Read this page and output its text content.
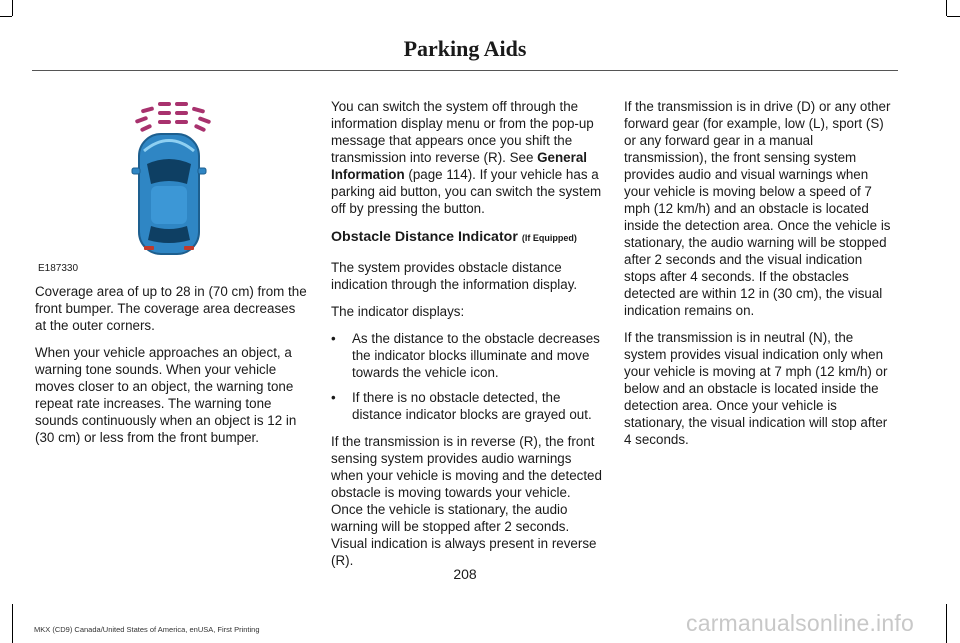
Parking Aids
E187330

Coverage area of up to 28 in (70 cm) from the front bumper. The coverage area decreases at the outer corners.

When your vehicle approaches an object, a warning tone sounds. When your vehicle moves closer to an object, the warning tone repeat rate increases. The warning tone sounds continuously when an object is 12 in (30 cm) or less from the front bumper.

You can switch the system off through the information display menu or from the pop-up message that appears once you shift the transmission into reverse (R). See General Information (page 114). If your vehicle has a parking aid button, you can switch the system off by pressing the button.

Obstacle Distance Indicator (If Equipped)

The system provides obstacle distance indication through the information display.

The indicator displays:

• As the distance to the obstacle decreases the indicator blocks illuminate and move towards the vehicle icon.
• If there is no obstacle detected, the distance indicator blocks are grayed out.

If the transmission is in reverse (R), the front sensing system provides audio warnings when your vehicle is moving and the detected obstacle is moving towards your vehicle. Once the vehicle is stationary, the audio warning will be stopped after 2 seconds. Visual indication is always present in reverse (R).

If the transmission is in drive (D) or any other forward gear (for example, low (L), sport (S) or any forward gear in a manual transmission), the front sensing system provides audio and visual warnings when your vehicle is moving below a speed of 7 mph (12 km/h) and an obstacle is located inside the detection area. Once the vehicle is stationary, the audio warning will be stopped after 2 seconds and the visual indication stops after 4 seconds. If the obstacles detected are within 12 in (30 cm), the visual indication remains on.

If the transmission is in neutral (N), the system provides visual indication only when your vehicle is moving at 7 mph (12 km/h) or below and an obstacle is located inside the detection area. Once your vehicle is stationary, the visual indication will stop after 4 seconds.

208
MKX (CD9) Canada/United States of America, enUSA, First Printing	carmanualsonline.info
